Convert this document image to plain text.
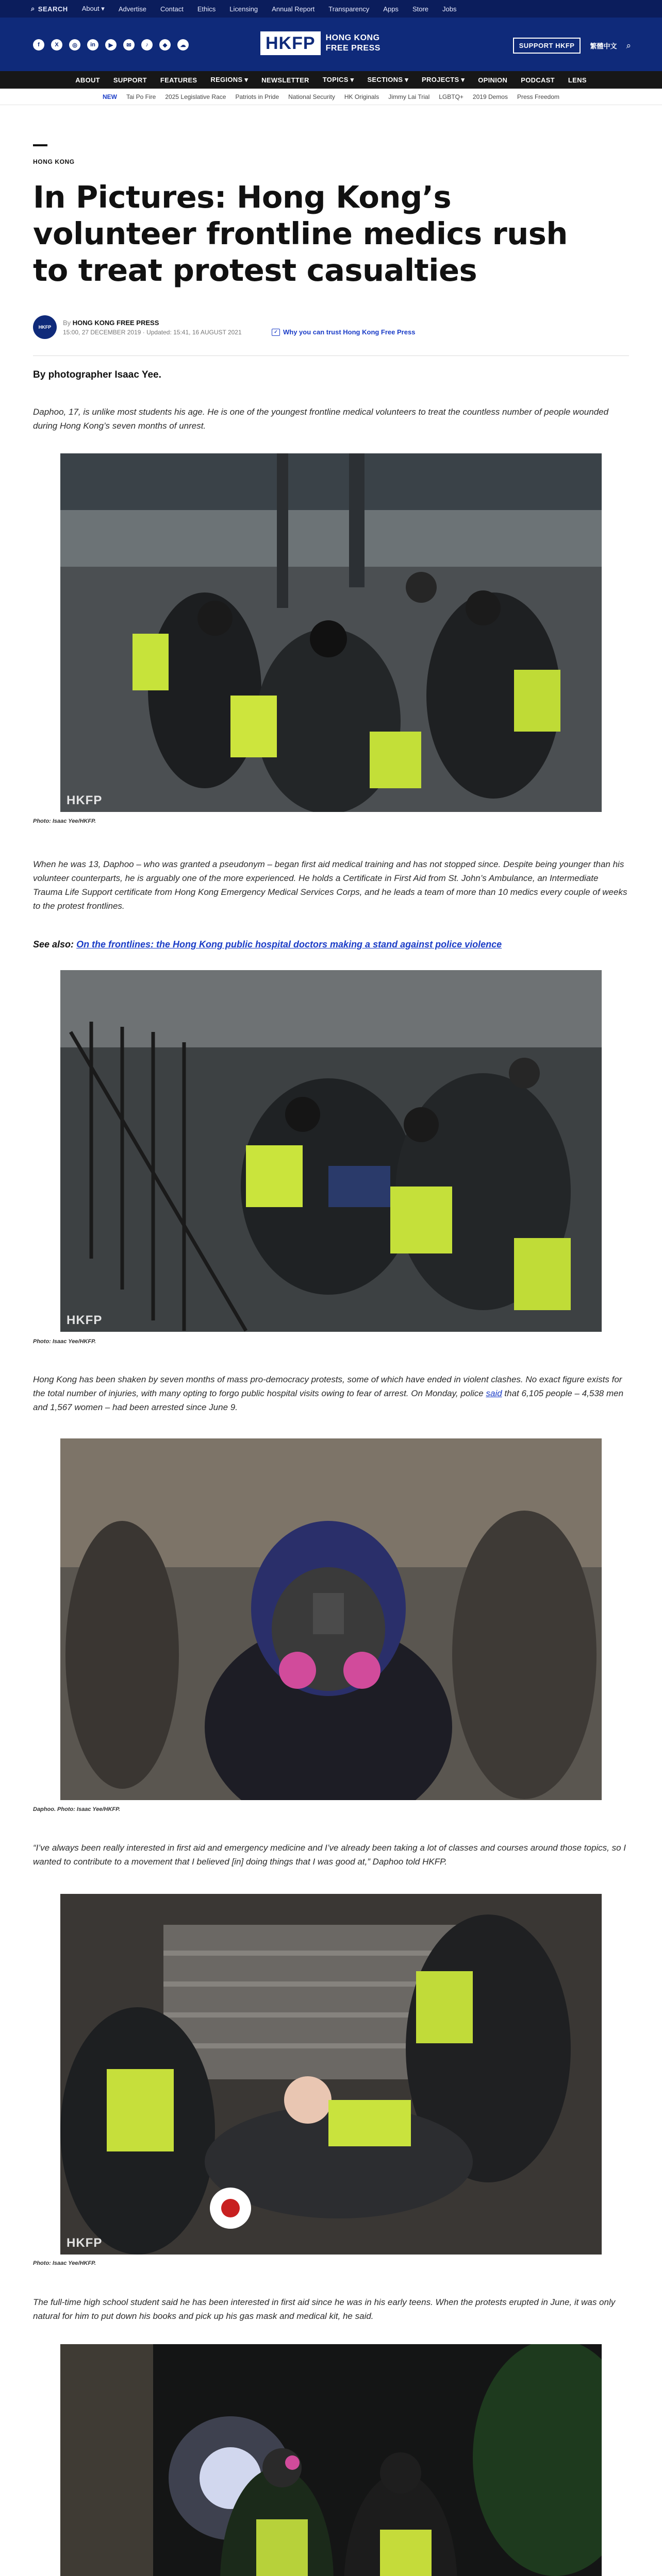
⌕ SEARCH About ▾ Advertise Contact Ethics Licensing Annual Report Transparency Apps Store Jobs
f	X	◎	in	▶	✉	♪	◆	☁	HKFP	HONG KONG
FREE PRESS	SUPPORT HKFP	繁體中文 ⌕
ABOUT SUPPORT FEATURES REGIONS ▾ NEWSLETTER TOPICS ▾ SECTIONS ▾ PROJECTS ▾ OPINION PODCAST LENS
NEW Tai Po Fire 2025 Legislative Race Patriots in Pride National Security HK Originals Jimmy Lai Trial LGBTQ+ 2019 Demos Press Freedom
HONG KONG
In Pictures: Hong Kong’s volunteer frontline medics rush to treat protest casualties
HKFP
By HONG KONG FREE PRESS
15:00, 27 DECEMBER 2019 · Updated: 15:41, 16 AUGUST 2021	✓ Why you can trust Hong Kong Free Press
By photographer Isaac Yee.

Daphoo, 17, is unlike most students his age. He is one of the youngest frontline medical volunteers to treat the countless number of people wounded during Hong Kong’s seven months of unrest.

HKFP
Photo: Isaac Yee/HKFP.

When he was 13, Daphoo – who was granted a pseudonym – began first aid medical training and has not stopped since. Despite being younger than his volunteer counterparts, he is arguably one of the more experienced. He holds a Certificate in First Aid from St. John’s Ambulance, an Intermediate Trauma Life Support certificate from Hong Kong Emergency Medical Services Corps, and he leads a team of more than 10 medics every couple of weeks to the protest frontlines.

See also: On the frontlines: the Hong Kong public hospital doctors making a stand against police violence
HKFP
Photo: Isaac Yee/HKFP.

Hong Kong has been shaken by seven months of mass pro-democracy protests, some of which have ended in violent clashes. No exact figure exists for the total number of injuries, with many opting to forgo public hospital visits owing to fear of arrest. On Monday, police said that 6,105 people – 4,538 men and 1,567 women – had been arrested since June 9.

Daphoo. Photo: Isaac Yee/HKFP.

“I’ve always been really interested in first aid and emergency medicine and I’ve already been taking a lot of classes and courses around those topics, so I wanted to contribute to a movement that I believed [in] doing things that I was good at,” Daphoo told HKFP.

HKFP
Photo: Isaac Yee/HKFP.

The full-time high school student said he has been interested in first aid since he was in his early teens. When the protests erupted in June, it was only natural for him to put down his books and pick up his gas mask and medical kit, he said.
